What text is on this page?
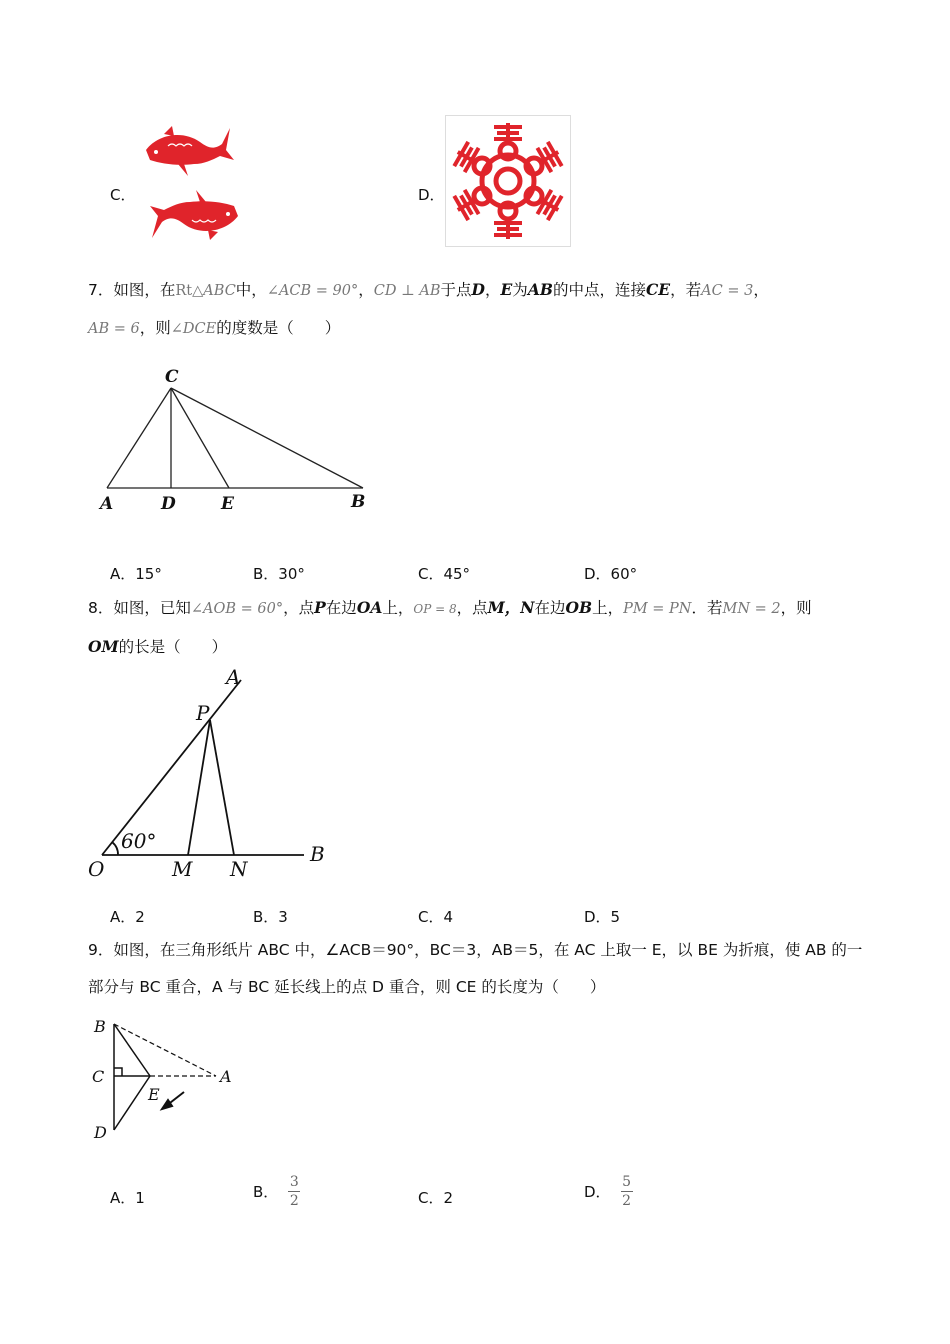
C．	D．
7．如图，在Rt△ABC中，∠ACB = 90°，CD ⊥ AB于点D，E为AB的中点，连接CE，若AC = 3，
AB = 6，则∠DCE的度数是（　　）
C
A	D	E	B
A．15°	B．30°	C．45°	D．60°
8．如图，已知∠AOB = 60°，点P在边OA上，OP = 8，点M，N在边OB上，PM = PN．若MN = 2，则
OM的长是（　　）
A
P
O	M N
B
60°
A．2	B．3	C．4	D．5
9．如图，在三角形纸片 ABC 中，∠ACB＝90°，BC＝3，AB＝5，在 AC 上取一 E，以 BE 为折痕，使 AB 的一
部分与 BC 重合，A 与 BC 延长线上的点 D 重合，则 CE 的长度为（　　）
B
C	A
E
D
A．1	B． $\frac{3}{2}$	C．2	D． $\frac{5}{2}$
